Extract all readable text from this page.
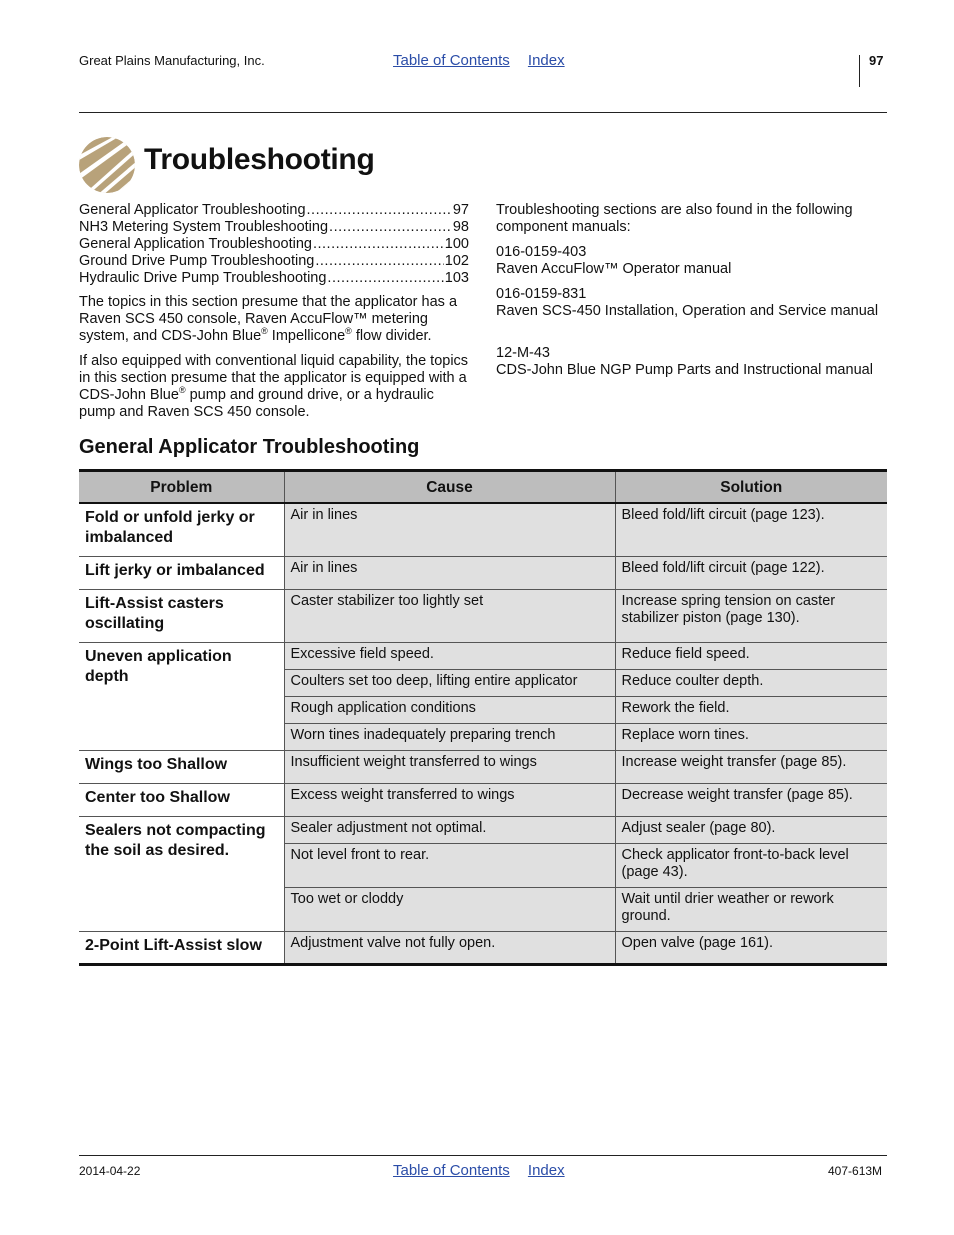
Great Plains Manufacturing, Inc.	Table of Contents Index	97
Troubleshooting
General Applicator Troubleshooting .....	97
NH3 Metering System Troubleshooting .....	98
General Application Troubleshooting .....	100
Ground Drive Pump Troubleshooting .....	102
Hydraulic Drive Pump Troubleshooting .....	103
The topics in this section presume that the applicator has a Raven SCS 450 console, Raven AccuFlow™ metering system, and CDS-John Blue® Impellicone® flow divider.
If also equipped with conventional liquid capability, the topics in this section presume that the applicator is equipped with a CDS-John Blue® pump and ground drive, or a hydraulic pump and Raven SCS 450 console.
Troubleshooting sections are also found in the following component manuals:
016-0159-403
Raven AccuFlow™ Operator manual
016-0159-831
Raven SCS-450 Installation, Operation and Service manual
12-M-43
CDS-John Blue NGP Pump Parts and Instructional manual
General Applicator Troubleshooting
Problem	Cause	Solution
Fold or unfold jerky or imbalanced	Air in lines	Bleed fold/lift circuit (page 123).
Lift jerky or imbalanced	Air in lines	Bleed fold/lift circuit (page 122).
Lift-Assist casters oscillating	Caster stabilizer too lightly set	Increase spring tension on caster stabilizer piston (page 130).
Uneven application depth	Excessive field speed.	Reduce field speed.
	Coulters set too deep, lifting entire applicator	Reduce coulter depth.
	Rough application conditions	Rework the field.
	Worn tines inadequately preparing trench	Replace worn tines.
Wings too Shallow	Insufficient weight transferred to wings	Increase weight transfer (page 85).
Center too Shallow	Excess weight transferred to wings	Decrease weight transfer (page 85).
Sealers not compacting the soil as desired.	Sealer adjustment not optimal.	Adjust sealer (page 80).
	Not level front to rear.	Check applicator front-to-back level (page 43).
	Too wet or cloddy	Wait until drier weather or rework ground.
2-Point Lift-Assist slow	Adjustment valve not fully open.	Open valve (page 161).
2014-04-22	Table of Contents Index	407-613M
